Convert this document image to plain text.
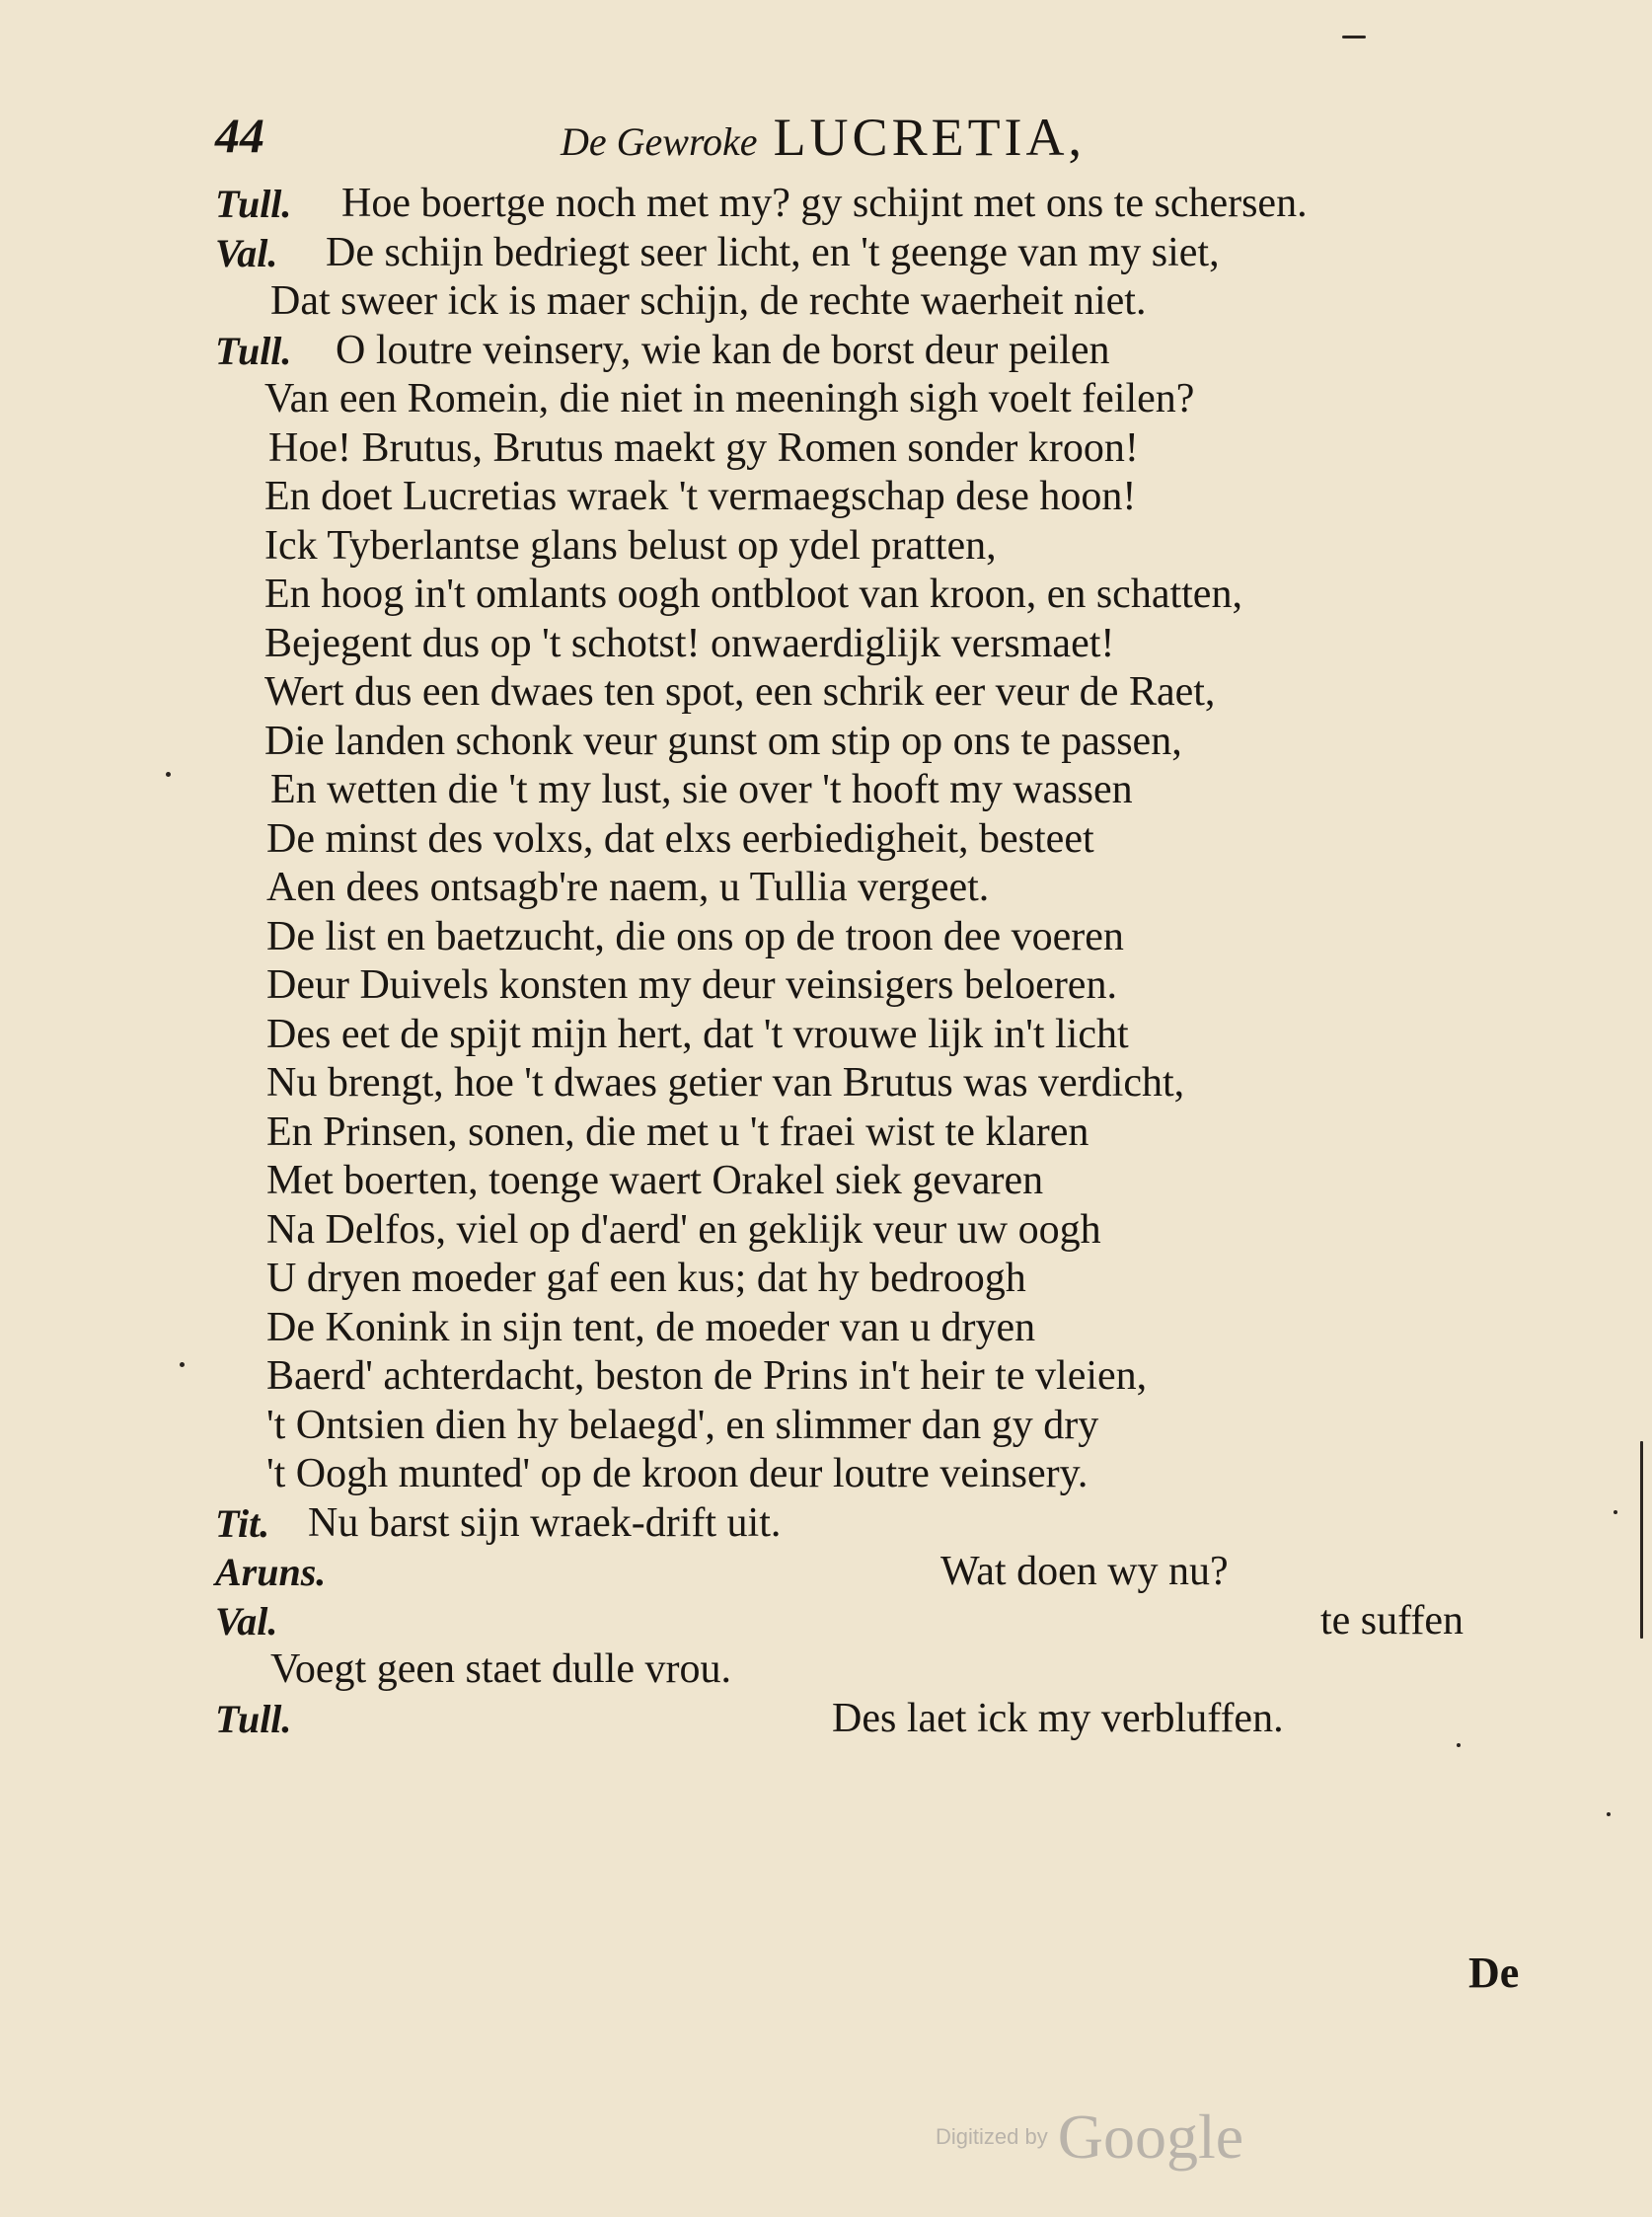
44	De Gewroke LUCRETIA,
Tull. Hoe boertge noch met my? gy schijnt met ons te schersen.
Val. De schijn bedriegt seer licht, en 't geenge van my siet,
Dat sweer ick is maer schijn, de rechte waerheit niet.
Tull. O loutre veinsery, wie kan de borst deur peilen
Van een Romein, die niet in meeningh sigh voelt feilen?
Hoe! Brutus, Brutus maekt gy Romen sonder kroon!
En doet Lucretias wraek 't vermaegschap dese hoon!
Ick Tyberlantse glans belust op ydel pratten,
En hoog in't omlants oogh ontbloot van kroon, en schatten,
Bejegent dus op 't schotst! onwaerdiglijk versmaet!
Wert dus een dwaes ten spot, een schrik eer veur de Raet,
Die landen schonk veur gunst om stip op ons te passen,
En wetten die 't my lust, sie over 't hooft my wassen
De minst des volxs, dat elxs eerbiedigheit, besteet
Aen dees ontsagb're naem, u Tullia vergeet.
De list en baetzucht, die ons op de troon dee voeren
Deur Duivels konsten my deur veinsigers beloeren.
Des eet de spijt mijn hert, dat 't vrouwe lijk in't licht
Nu brengt, hoe 't dwaes getier van Brutus was verdicht,
En Prinsen, sonen, die met u 't fraei wist te klaren
Met boerten, toenge waert Orakel siek gevaren
Na Delfos, viel op d'aerd' en geklijk veur uw oogh
U dryen moeder gaf een kus; dat hy bedroogh
De Konink in sijn tent, de moeder van u dryen
Baerd' achterdacht, beston de Prins in't heir te vleien,
't Ontsien dien hy belaegd', en slimmer dan gy dry
't Oogh munted' op de kroon deur loutre veinsery.
Tit. Nu barst sijn wraek-drift uit.
Aruns.	Wat doen wy nu?
Val.	te suffen
Voegt geen staet dulle vrou.
Tull.	Des laet ick my verbluffen.
De
Digitized by Google
